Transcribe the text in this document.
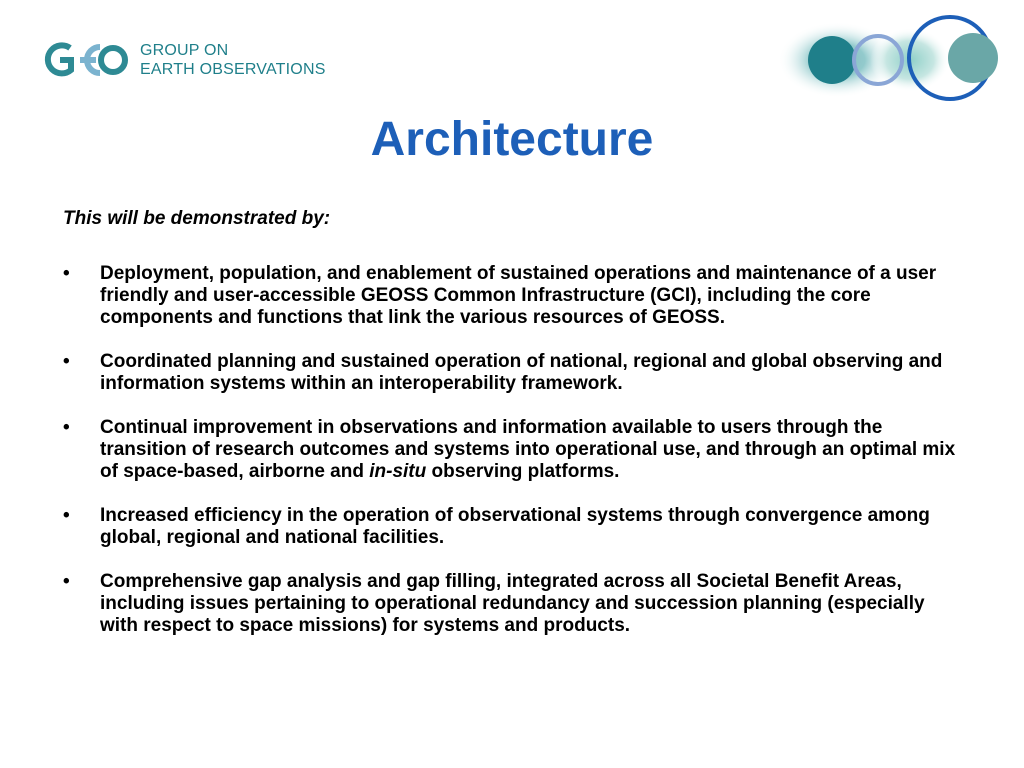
GROUP ON
EARTH OBSERVATIONS
Architecture
This will be demonstrated by:
• Deployment, population, and enablement of sustained operations and maintenance of a user friendly and user-accessible GEOSS Common Infrastructure (GCI), including the core components and functions that link the various resources of GEOSS.
• Coordinated planning and sustained operation of national, regional and global observing and information systems within an interoperability framework.
• Continual improvement in observations and information available to users through the transition of research outcomes and systems into operational use, and through an optimal mix of space-based, airborne and in-situ observing platforms.
• Increased efficiency in the operation of observational systems through convergence among global, regional and national facilities.
• Comprehensive gap analysis and gap filling, integrated across all Societal Benefit Areas, including issues pertaining to operational redundancy and succession planning (especially with respect to space missions) for systems and products.
